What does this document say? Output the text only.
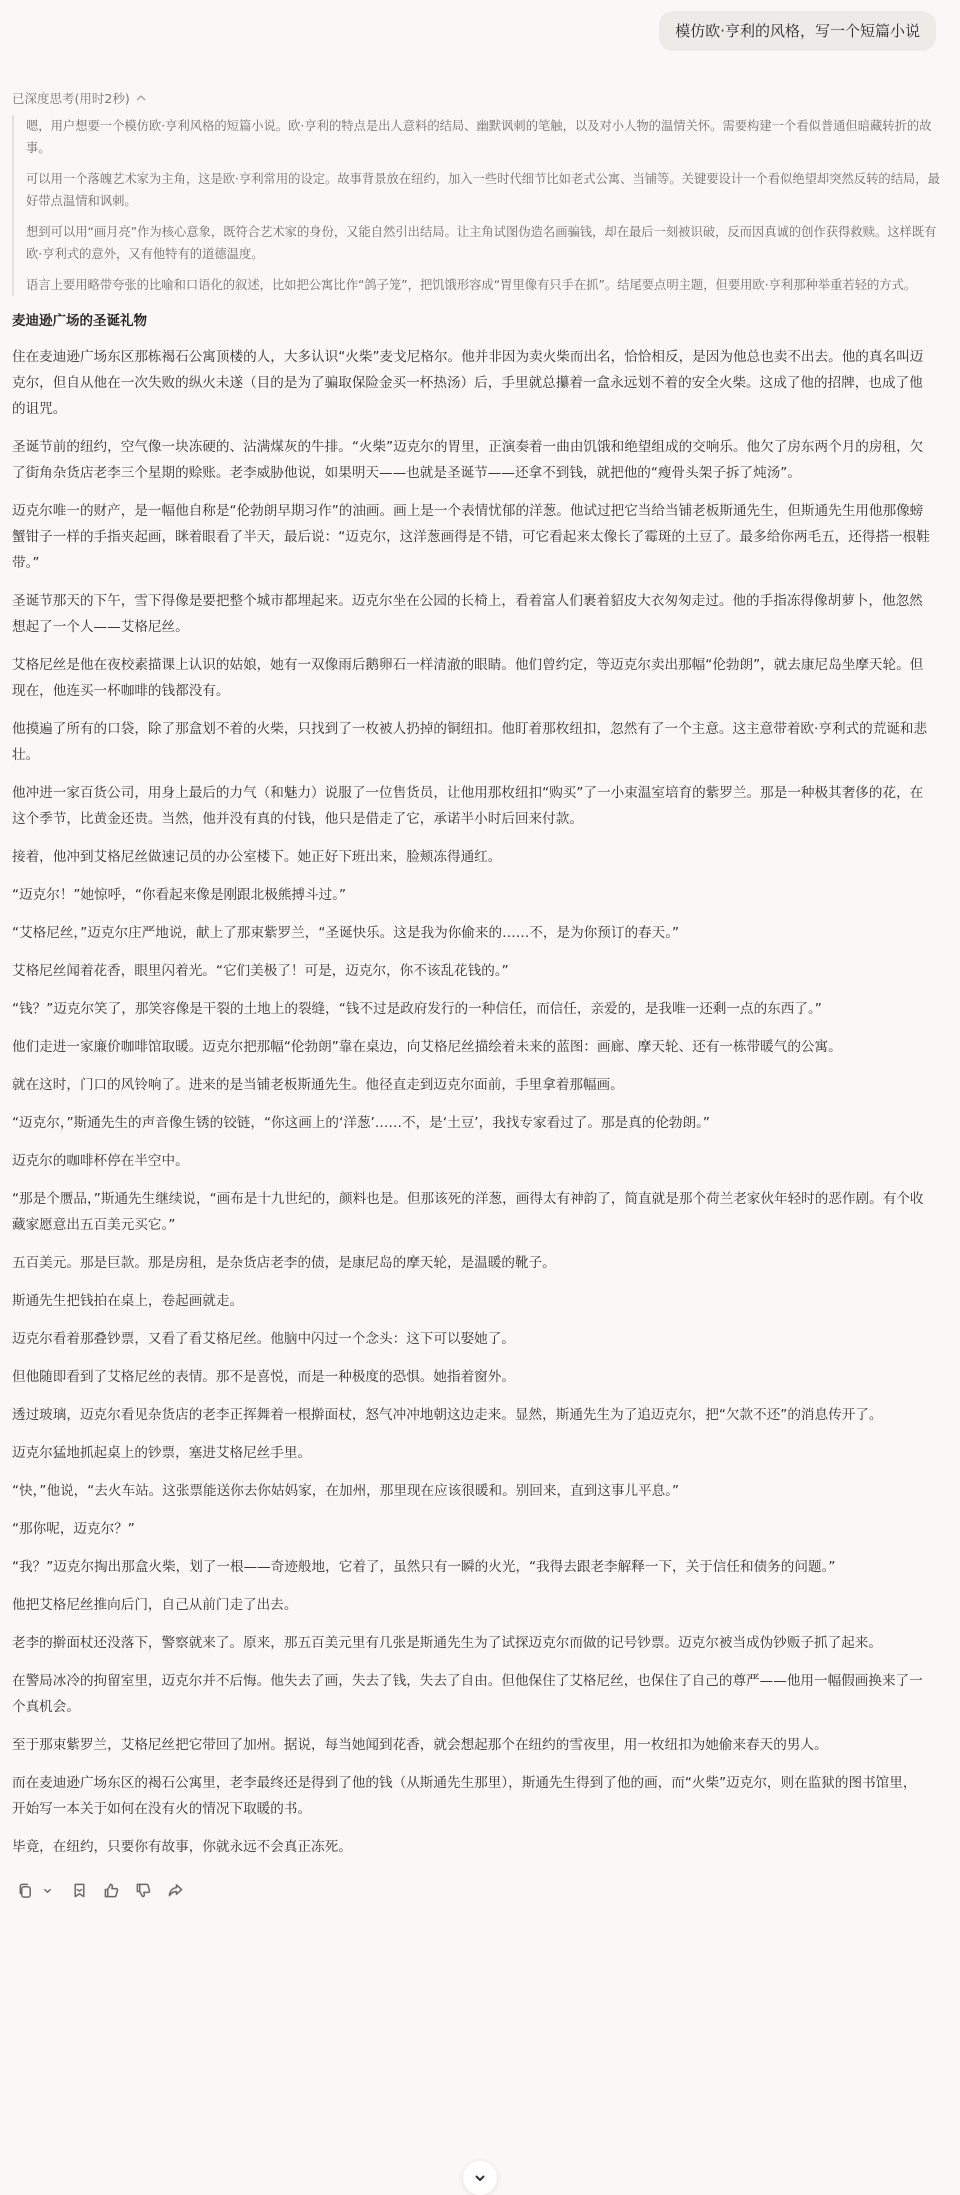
模仿欧·亨利的风格，写一个短篇小说
已深度思考(用时2秒)

嗯，用户想要一个模仿欧·亨利风格的短篇小说。欧·亨利的特点是出人意料的结局、幽默讽刺的笔触，以及对小人物的温情关怀。需要构建一个看似普通但暗藏转折的故事。

可以用一个落魄艺术家为主角，这是欧·亨利常用的设定。故事背景放在纽约，加入一些时代细节比如老式公寓、当铺等。关键要设计一个看似绝望却突然反转的结局，最好带点温情和讽刺。

想到可以用“画月亮”作为核心意象，既符合艺术家的身份，又能自然引出结局。让主角试图伪造名画骗钱，却在最后一刻被识破，反而因真诚的创作获得救赎。这样既有欧·亨利式的意外，又有他特有的道德温度。

语言上要用略带夸张的比喻和口语化的叙述，比如把公寓比作“鸽子笼”，把饥饿形容成“胃里像有只手在抓”。结尾要点明主题，但要用欧·亨利那种举重若轻的方式。

麦迪逊广场的圣诞礼物

住在麦迪逊广场东区那栋褐石公寓顶楼的人，大多认识“火柴”麦戈尼格尔。他并非因为卖火柴而出名，恰恰相反，是因为他总也卖不出去。他的真名叫迈克尔，但自从他在一次失败的纵火未遂（目的是为了骗取保险金买一杯热汤）后，手里就总攥着一盒永远划不着的安全火柴。这成了他的招牌，也成了他的诅咒。

圣诞节前的纽约，空气像一块冻硬的、沾满煤灰的牛排。“火柴”迈克尔的胃里，正演奏着一曲由饥饿和绝望组成的交响乐。他欠了房东两个月的房租，欠了街角杂货店老李三个星期的赊账。老李威胁他说，如果明天——也就是圣诞节——还拿不到钱，就把他的“瘦骨头架子拆了炖汤”。

迈克尔唯一的财产，是一幅他自称是“伦勃朗早期习作”的油画。画上是一个表情忧郁的洋葱。他试过把它当给当铺老板斯通先生，但斯通先生用他那像螃蟹钳子一样的手指夹起画，眯着眼看了半天，最后说：“迈克尔，这洋葱画得是不错，可它看起来太像长了霉斑的土豆了。最多给你两毛五，还得搭一根鞋带。”

圣诞节那天的下午，雪下得像是要把整个城市都埋起来。迈克尔坐在公园的长椅上，看着富人们裹着貂皮大衣匆匆走过。他的手指冻得像胡萝卜，他忽然想起了一个人——艾格尼丝。

艾格尼丝是他在夜校素描课上认识的姑娘，她有一双像雨后鹅卵石一样清澈的眼睛。他们曾约定，等迈克尔卖出那幅“伦勃朗”，就去康尼岛坐摩天轮。但现在，他连买一杯咖啡的钱都没有。

他摸遍了所有的口袋，除了那盒划不着的火柴，只找到了一枚被人扔掉的铜纽扣。他盯着那枚纽扣，忽然有了一个主意。这主意带着欧·亨利式的荒诞和悲壮。

他冲进一家百货公司，用身上最后的力气（和魅力）说服了一位售货员，让他用那枚纽扣“购买”了一小束温室培育的紫罗兰。那是一种极其奢侈的花，在这个季节，比黄金还贵。当然，他并没有真的付钱，他只是借走了它，承诺半小时后回来付款。

接着，他冲到艾格尼丝做速记员的办公室楼下。她正好下班出来，脸颊冻得通红。

“迈克尔！”她惊呼，“你看起来像是刚跟北极熊搏斗过。”

“艾格尼丝，”迈克尔庄严地说，献上了那束紫罗兰，“圣诞快乐。这是我为你偷来的……不，是为你预订的春天。”

艾格尼丝闻着花香，眼里闪着光。“它们美极了！可是，迈克尔，你不该乱花钱的。”

“钱？”迈克尔笑了，那笑容像是干裂的土地上的裂缝，“钱不过是政府发行的一种信任，而信任，亲爱的，是我唯一还剩一点的东西了。”

他们走进一家廉价咖啡馆取暖。迈克尔把那幅“伦勃朗”靠在桌边，向艾格尼丝描绘着未来的蓝图：画廊、摩天轮、还有一栋带暖气的公寓。

就在这时，门口的风铃响了。进来的是当铺老板斯通先生。他径直走到迈克尔面前，手里拿着那幅画。

“迈克尔，”斯通先生的声音像生锈的铰链，“你这画上的‘洋葱’……不，是‘土豆’，我找专家看过了。那是真的伦勃朗。”

迈克尔的咖啡杯停在半空中。

“那是个赝品，”斯通先生继续说，“画布是十九世纪的，颜料也是。但那该死的洋葱，画得太有神韵了，简直就是那个荷兰老家伙年轻时的恶作剧。有个收藏家愿意出五百美元买它。”

五百美元。那是巨款。那是房租，是杂货店老李的债，是康尼岛的摩天轮，是温暖的靴子。

斯通先生把钱拍在桌上，卷起画就走。

迈克尔看着那叠钞票，又看了看艾格尼丝。他脑中闪过一个念头：这下可以娶她了。

但他随即看到了艾格尼丝的表情。那不是喜悦，而是一种极度的恐惧。她指着窗外。

透过玻璃，迈克尔看见杂货店的老李正挥舞着一根擀面杖，怒气冲冲地朝这边走来。显然，斯通先生为了追迈克尔，把“欠款不还”的消息传开了。

迈克尔猛地抓起桌上的钞票，塞进艾格尼丝手里。

“快，”他说，“去火车站。这张票能送你去你姑妈家，在加州，那里现在应该很暖和。别回来，直到这事儿平息。”

“那你呢，迈克尔？”

“我？”迈克尔掏出那盒火柴，划了一根——奇迹般地，它着了，虽然只有一瞬的火光，“我得去跟老李解释一下，关于信任和债务的问题。”

他把艾格尼丝推向后门，自己从前门走了出去。

老李的擀面杖还没落下，警察就来了。原来，那五百美元里有几张是斯通先生为了试探迈克尔而做的记号钞票。迈克尔被当成伪钞贩子抓了起来。

在警局冰冷的拘留室里，迈克尔并不后悔。他失去了画，失去了钱，失去了自由。但他保住了艾格尼丝，也保住了自己的尊严——他用一幅假画换来了一个真机会。

至于那束紫罗兰，艾格尼丝把它带回了加州。据说，每当她闻到花香，就会想起那个在纽约的雪夜里，用一枚纽扣为她偷来春天的男人。

而在麦迪逊广场东区的褐石公寓里，老李最终还是得到了他的钱（从斯通先生那里），斯通先生得到了他的画，而“火柴”迈克尔，则在监狱的图书馆里，开始写一本关于如何在没有火的情况下取暖的书。

毕竟，在纽约，只要你有故事，你就永远不会真正冻死。
